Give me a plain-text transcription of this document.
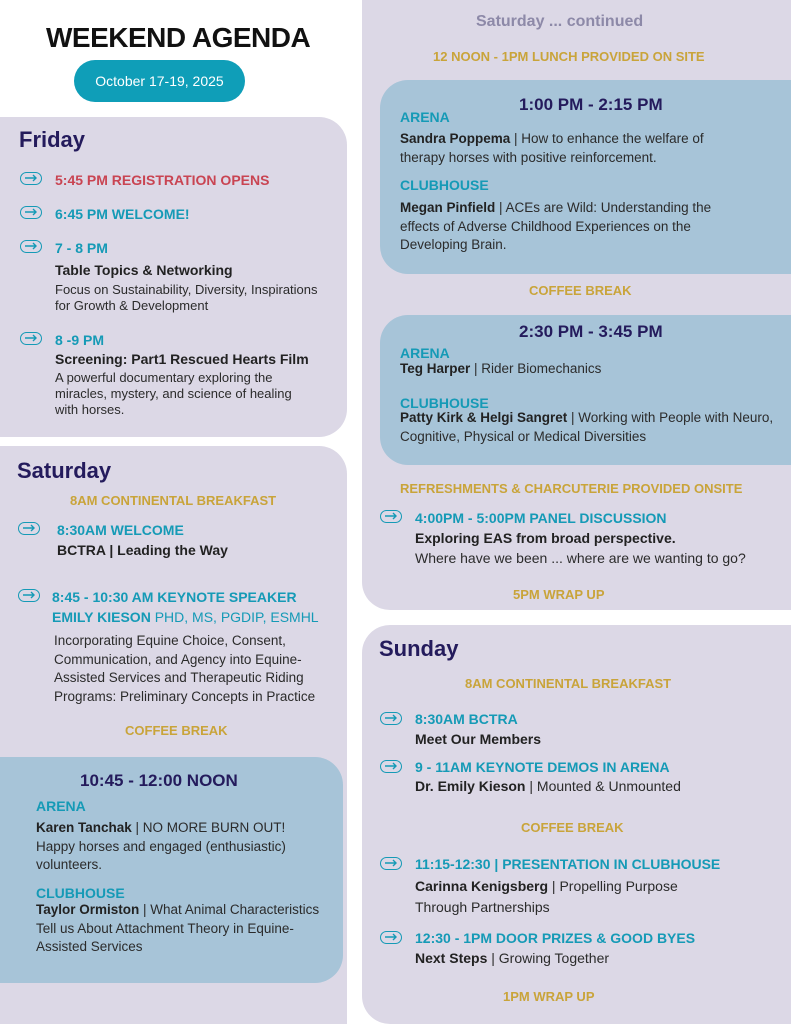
WEEKEND AGENDA
October 17-19, 2025
Friday
5:45 PM REGISTRATION OPENS
6:45 PM WELCOME!
7 - 8 PM
Table Topics & Networking
Focus on Sustainability, Diversity, Inspirations for Growth & Development
8 -9 PM
Screening: Part1 Rescued Hearts Film
A powerful documentary exploring the miracles, mystery, and science of healing with horses.
Saturday
8AM CONTINENTAL BREAKFAST
8:30AM WELCOME
BCTRA | Leading the Way
8:45 - 10:30 AM KEYNOTE SPEAKER
EMILY KIESON PHD, MS, PGDIP, ESMHL
Incorporating Equine Choice, Consent, Communication, and Agency into Equine-Assisted Services and Therapeutic Riding Programs: Preliminary Concepts in Practice
COFFEE BREAK
10:45 - 12:00 NOON
ARENA
Karen Tanchak | NO MORE BURN OUT! Happy horses and engaged (enthusiastic) volunteers.
CLUBHOUSE
Taylor Ormiston | What Animal Characteristics Tell us About Attachment Theory in Equine-Assisted Services
Saturday ... continued
12 NOON - 1PM LUNCH PROVIDED ON SITE
1:00 PM - 2:15 PM
ARENA
Sandra Poppema | How to enhance the welfare of therapy horses with positive reinforcement.
CLUBHOUSE
Megan Pinfield | ACEs are Wild: Understanding the effects of Adverse Childhood Experiences on the Developing Brain.
COFFEE BREAK
2:30 PM - 3:45 PM
ARENA
Teg Harper | Rider Biomechanics
CLUBHOUSE
Patty Kirk & Helgi Sangret | Working with People with Neuro, Cognitive, Physical or Medical Diversities
REFRESHMENTS & CHARCUTERIE PROVIDED ONSITE
4:00PM - 5:00PM PANEL DISCUSSION
Exploring EAS from broad perspective.
Where have we been ... where are we wanting to go?
5PM WRAP UP
Sunday
8AM CONTINENTAL BREAKFAST
8:30AM BCTRA
Meet Our Members
9 - 11AM KEYNOTE DEMOS IN ARENA
Dr. Emily Kieson | Mounted & Unmounted
COFFEE BREAK
11:15-12:30 | PRESENTATION IN CLUBHOUSE
Carinna Kenigsberg | Propelling Purpose Through Partnerships
12:30 - 1PM DOOR PRIZES & GOOD BYES
Next Steps | Growing Together
1PM WRAP UP
